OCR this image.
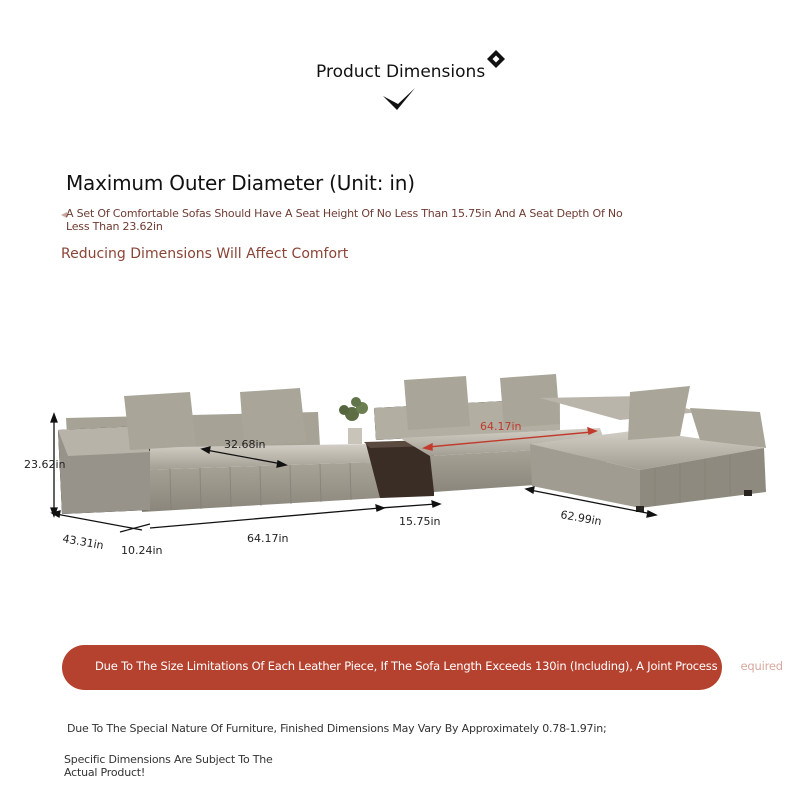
Product Dimensions
Maximum Outer Diameter (Unit: in)
A Set Of Comfortable Sofas Should Have A Seat Height Of No Less Than 15.75in And A Seat Depth Of No Less Than 23.62in
Reducing Dimensions Will Affect Comfort
23.62in
43.31in 10.24in
64.17in
32.68in
15.75in
64.17in
62.99in
Due To The Size Limitations Of Each Leather Piece, If The Sofa Length Exceeds 130in (Including), A Joint Process Is Required
Due To The Special Nature Of Furniture, Finished Dimensions May Vary By Approximately 0.78-1.97in;
Specific Dimensions Are Subject To The Actual Product!
